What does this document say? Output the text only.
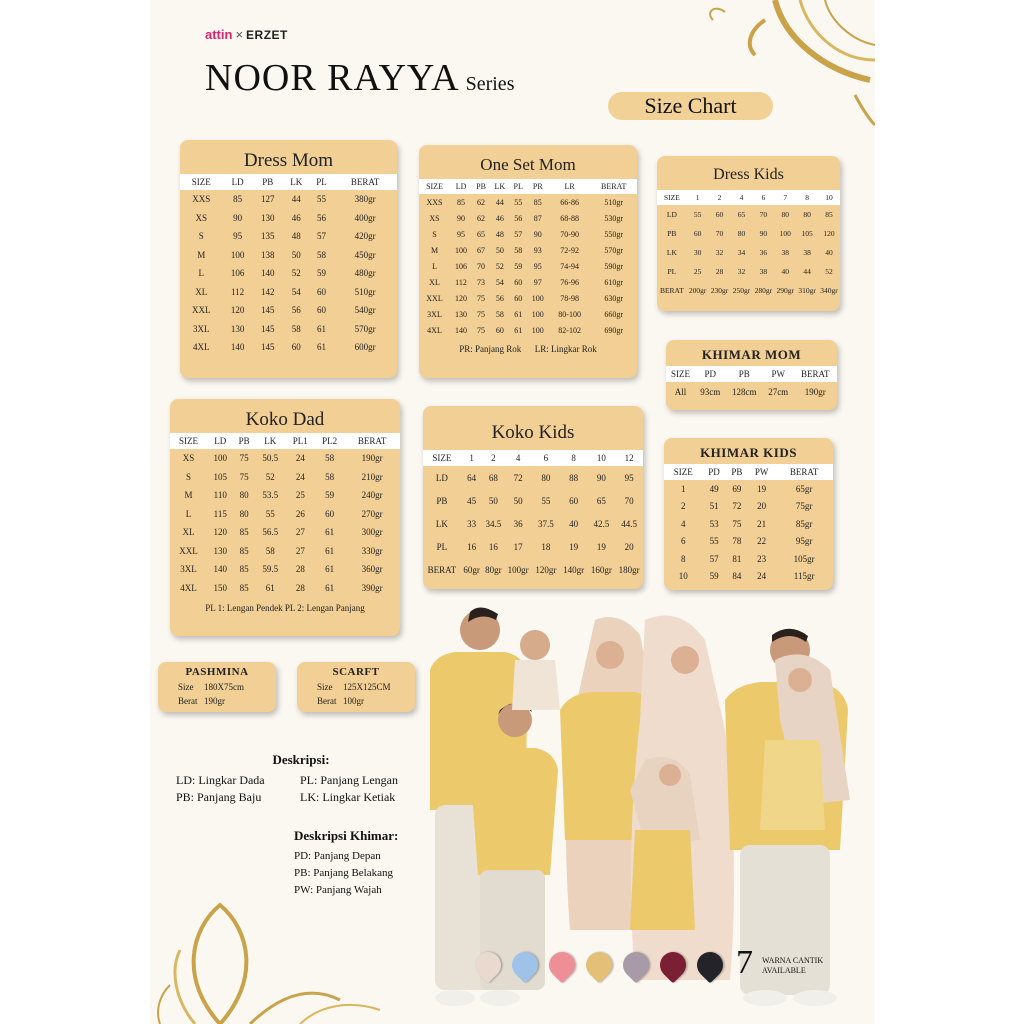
attin × ERZET
NOOR RAYYA Series
Size Chart
Dress Mom
SIZE	LD	PB	LK	PL	BERAT
XXS	85	127	44	55	380gr
XS	90	130	46	56	400gr
S	95	135	48	57	420gr
M	100	138	50	58	450gr
L	106	140	52	59	480gr
XL	112	142	54	60	510gr
XXL	120	145	56	60	540gr
3XL	130	145	58	61	570gr
4XL	140	145	60	61	600gr
One Set Mom
SIZE	LD	PB	LK	PL	PR	LR	BERAT
XXS	85	62	44	55	85	66-86	510gr
XS	90	62	46	56	87	68-88	530gr
S	95	65	48	57	90	70-90	550gr
M	100	67	50	58	93	72-92	570gr
L	106	70	52	59	95	74-94	590gr
XL	112	73	54	60	97	76-96	610gr
XXL	120	75	56	60	100	78-98	630gr
3XL	130	75	58	61	100	80-100	660gr
4XL	140	75	60	61	100	82-102	690gr
PR: Panjang Rok      LR: Lingkar Rok
Dress Kids
SIZE	1	2	4	6	7	8	10
LD	55	60	65	70	80	80	85
PB	60	70	80	90	100	105	120
LK	30	32	34	36	38	38	40
PL	25	28	32	38	40	44	52
BERAT	200gr	230gr	250gr	280gr	290gr	310gr	340gr
KHIMAR MOM
SIZE	PD	PB	PW	BERAT
All	93cm	128cm	27cm	190gr
Koko Dad
SIZE	LD	PB	LK	PL1	PL2	BERAT
XS	100	75	50.5	24	58	190gr
S	105	75	52	24	58	210gr
M	110	80	53.5	25	59	240gr
L	115	80	55	26	60	270gr
XL	120	85	56.5	27	61	300gr
XXL	130	85	58	27	61	330gr
3XL	140	85	59.5	28	61	360gr
4XL	150	85	61	28	61	390gr
PL 1: Lengan Pendek PL 2: Lengan Panjang
Koko Kids
SIZE	1	2	4	6	8	10	12
LD	64	68	72	80	88	90	95
PB	45	50	50	55	60	65	70
LK	33	34.5	36	37.5	40	42.5	44.5
PL	16	16	17	18	19	19	20
BERAT	60gr	80gr	100gr	120gr	140gr	160gr	180gr
KHIMAR KIDS
SIZE	PD	PB	PW	BERAT
1	49	69	19	65gr
2	51	72	20	75gr
4	53	75	21	85gr
6	55	78	22	95gr
8	57	81	23	105gr
10	59	84	24	115gr
PASHMINA
Size 180X75cm
Berat 190gr
SCARFT
Size 125X125CM
Berat 100gr
Deskripsi:
LD: Lingkar Dada	PL: Panjang Lengan
PB: Panjang Baju	LK: Lingkar Ketiak
Deskripsi Khimar:
PD: Panjang Depan
PB: Panjang Belakang
PW: Panjang Wajah
7 WARNA CANTIK
AVAILABLE
